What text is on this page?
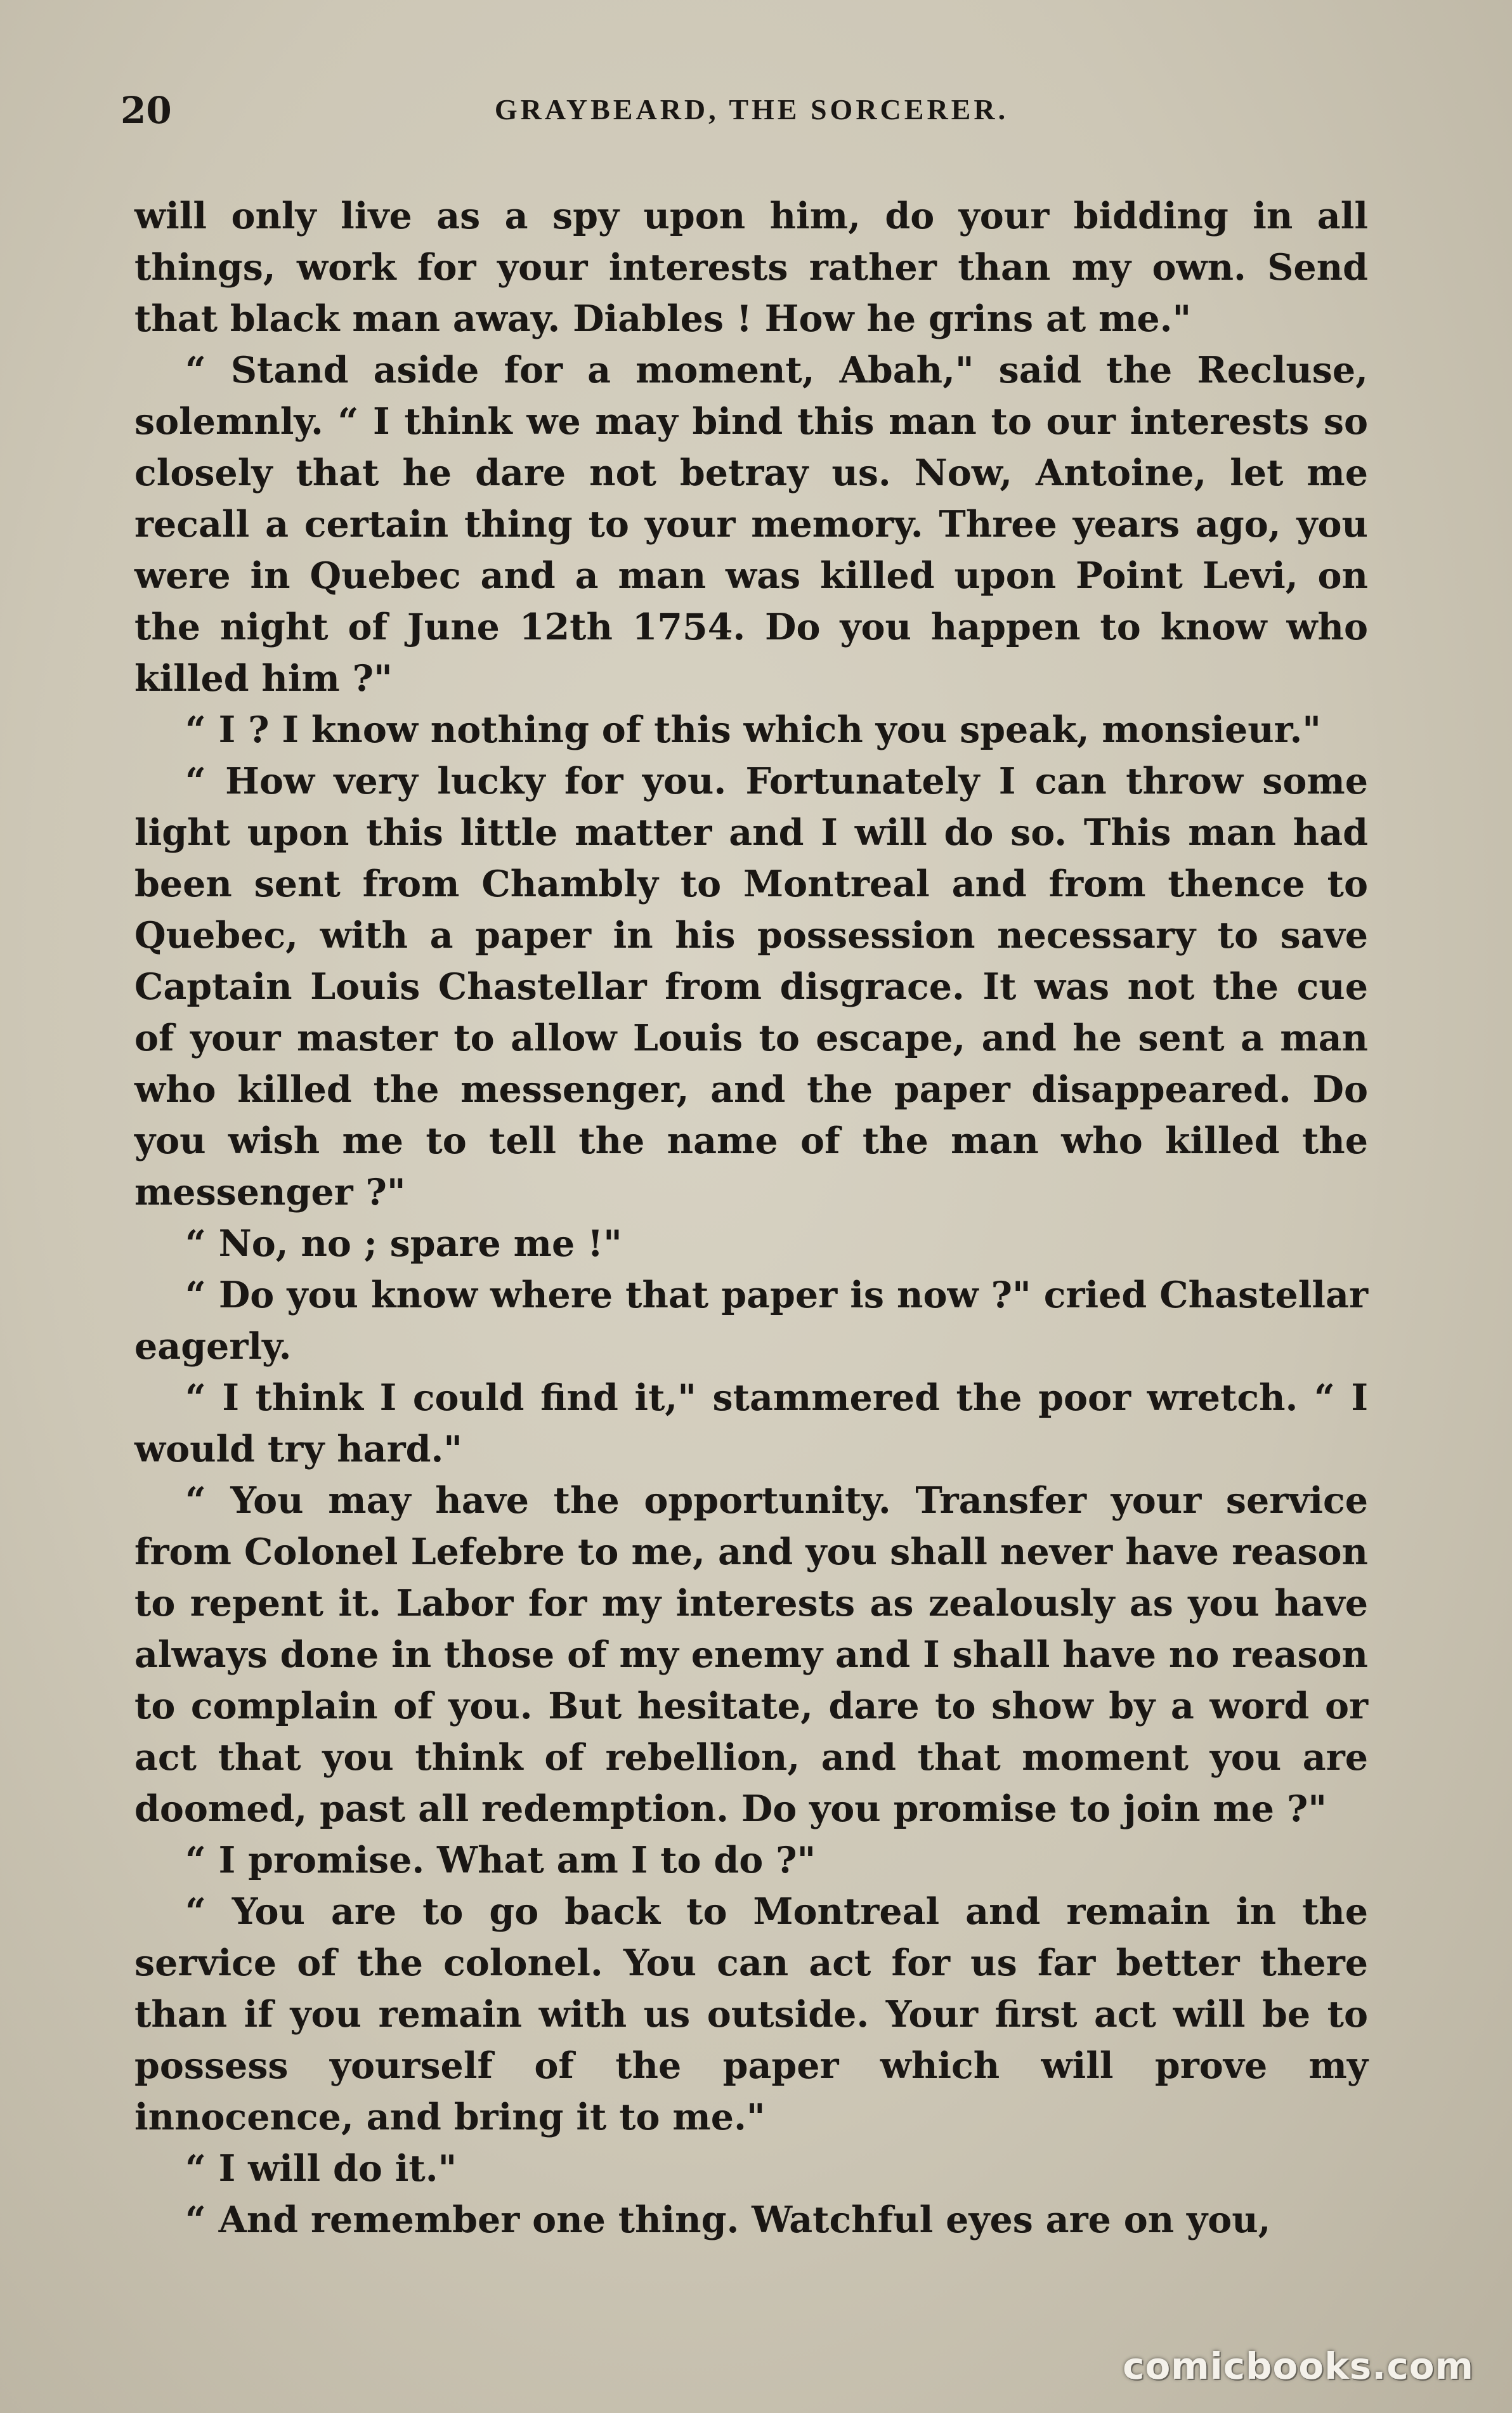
20	GRAYBEARD, THE SORCERER.

will only live as a spy upon him, do your bidding in all things, work for your interests rather than my own. Send that black man away. Diables ! How he grins at me."

“ Stand aside for a moment, Abah," said the Recluse, solemnly. “ I think we may bind this man to our interests so closely that he dare not betray us. Now, Antoine, let me recall a certain thing to your memory. Three years ago, you were in Quebec and a man was killed upon Point Levi, on the night of June 12th 1754. Do you happen to know who killed him ?"

“ I ? I know nothing of this which you speak, monsieur."

“ How very lucky for you. Fortunately I can throw some light upon this little matter and I will do so. This man had been sent from Chambly to Montreal and from thence to Quebec, with a paper in his possession necessary to save Captain Louis Chastellar from disgrace. It was not the cue of your master to allow Louis to escape, and he sent a man who killed the messenger, and the paper disappeared. Do you wish me to tell the name of the man who killed the messenger ?"

“ No, no ; spare me !"

“ Do you know where that paper is now ?" cried Chastellar eagerly.

“ I think I could find it," stammered the poor wretch. “ I would try hard."

“ You may have the opportunity. Transfer your service from Colonel Lefebre to me, and you shall never have reason to repent it. Labor for my interests as zealously as you have always done in those of my enemy and I shall have no reason to complain of you. But hesitate, dare to show by a word or act that you think of rebellion, and that moment you are doomed, past all redemption. Do you promise to join me ?"

“ I promise. What am I to do ?"

“ You are to go back to Montreal and remain in the service of the colonel. You can act for us far better there than if you remain with us outside. Your first act will be to possess yourself of the paper which will prove my innocence, and bring it to me."

“ I will do it."

“ And remember one thing. Watchful eyes are on you,

comicbooks.com
